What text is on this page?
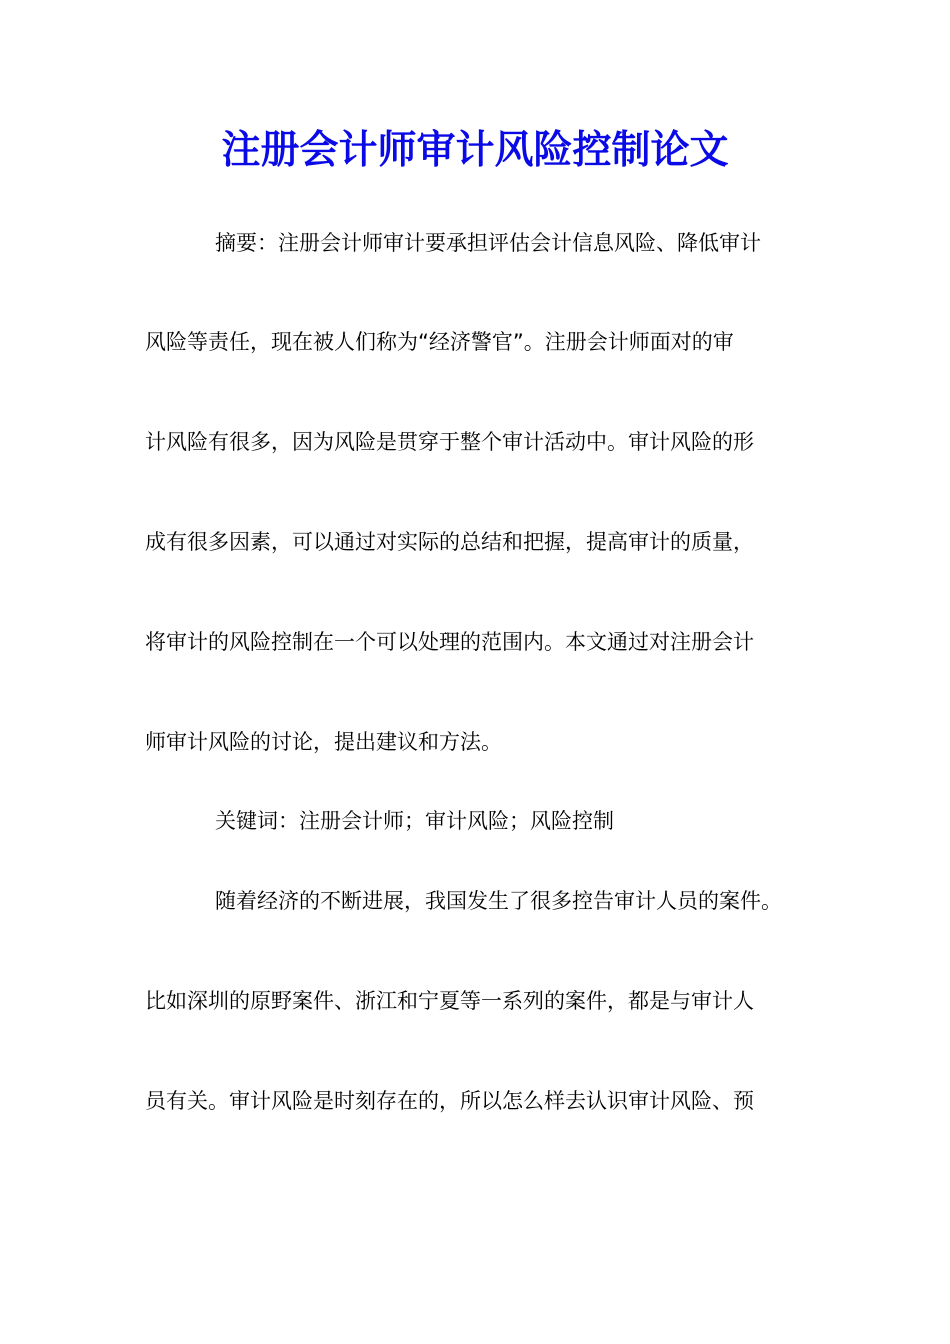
注册会计师审计风险控制论文
摘要：注册会计师审计要承担评估会计信息风险、降低审计
风险等责任，现在被人们称为“经济警官”。注册会计师面对的审
计风险有很多，因为风险是贯穿于整个审计活动中。审计风险的形
成有很多因素，可以通过对实际的总结和把握，提高审计的质量，
将审计的风险控制在一个可以处理的范围内。本文通过对注册会计
师审计风险的讨论，提出建议和方法。
关键词：注册会计师；审计风险；风险控制
随着经济的不断进展，我国发生了很多控告审计人员的案件。
比如深圳的原野案件、浙江和宁夏等一系列的案件，都是与审计人
员有关。审计风险是时刻存在的，所以怎么样去认识审计风险、预
